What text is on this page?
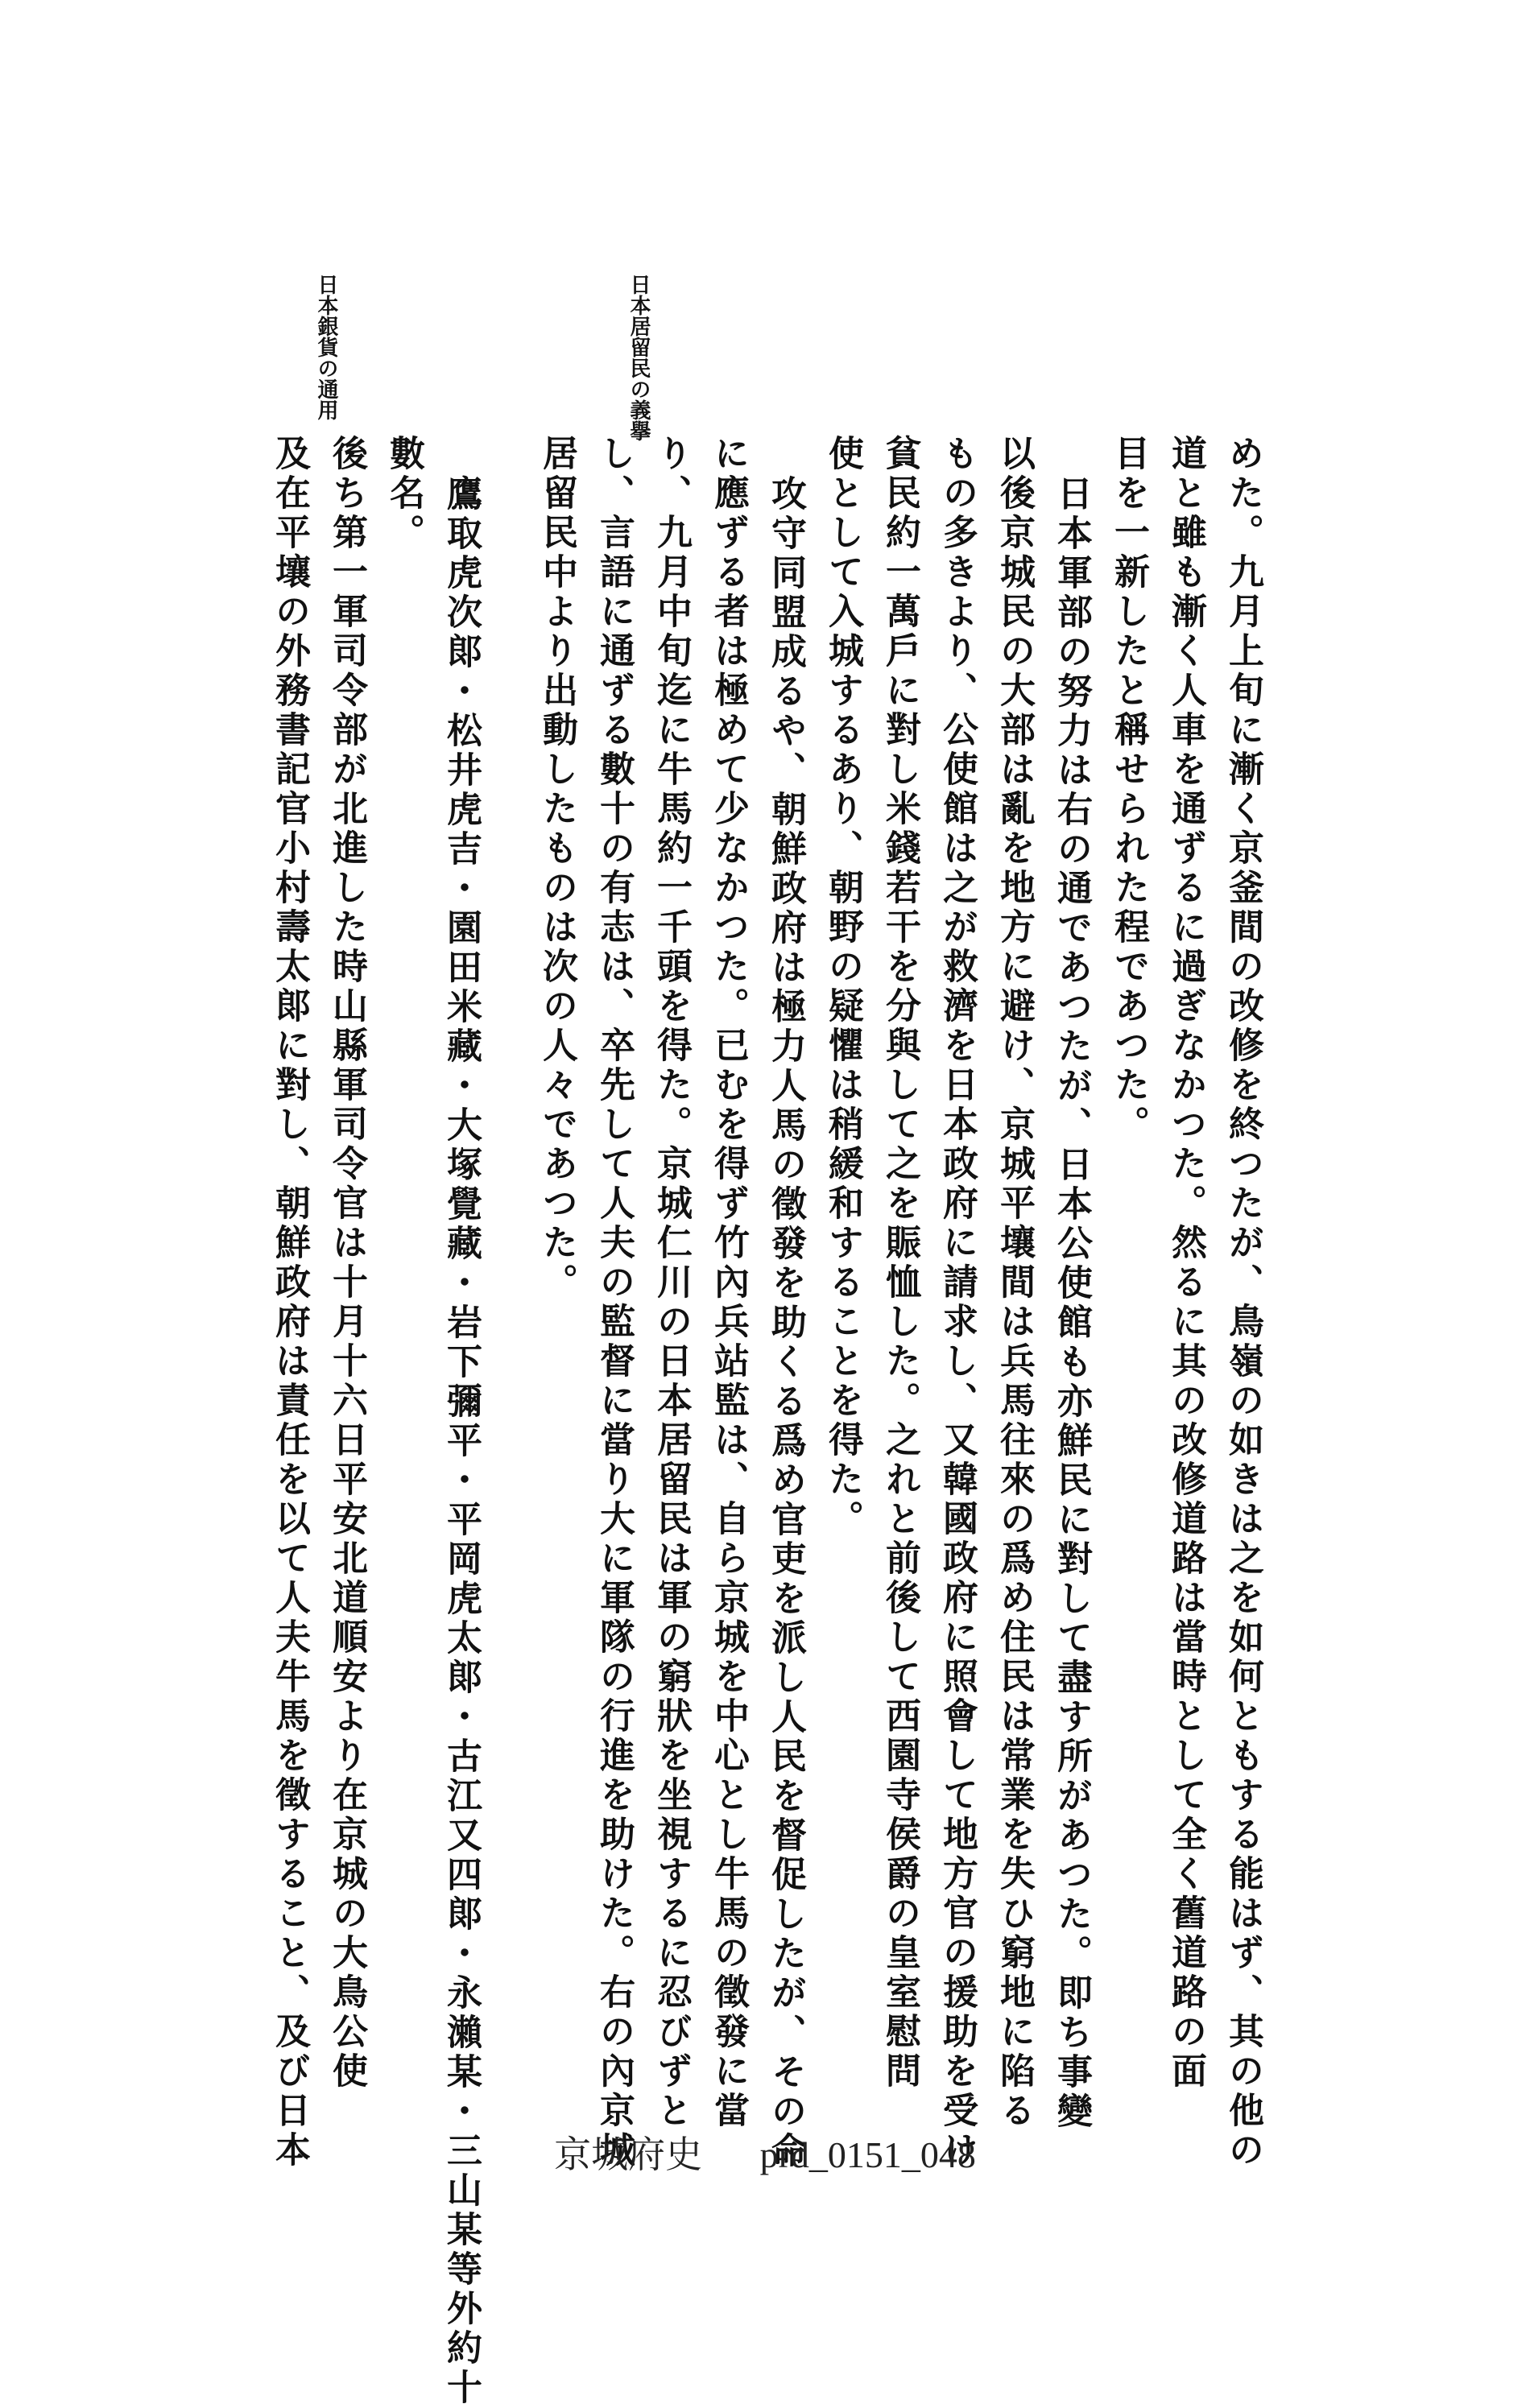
めた。九月上旬に漸く京釜間の改修を終つたが、鳥嶺の如きは之を如何ともする能はず、其の他の
道と雖も漸く人車を通ずるに過ぎなかつた。然るに其の改修道路は當時として全く舊道路の面
目を一新したと稱せられた程であつた。
日本軍部の努力は右の通であつたが、日本公使館も亦鮮民に對して盡す所があつた。即ち事變
以後京城民の大部は亂を地方に避け、京城平壤間は兵馬往來の爲め住民は常業を失ひ窮地に陷る
もの多きより、公使館は之が救濟を日本政府に請求し、又韓國政府に照會して地方官の援助を受け
貧民約一萬戶に對し米錢若干を分與して之を賑恤した。之れと前後して西園寺侯爵の皇室慰問
使として入城するあり、朝野の疑懼は稍緩和することを得た。
攻守同盟成るや、朝鮮政府は極力人馬の徵發を助くる爲め官吏を派し人民を督促したが、その命
に應ずる者は極めて少なかつた。已むを得ず竹內兵站監は、自ら京城を中心とし牛馬の徵發に當
り、九月中旬迄に牛馬約一千頭を得た。京城仁川の日本居留民は軍の窮狀を坐視するに忍びずと
し、言語に通ずる數十の有志は、卒先して人夫の監督に當り大に軍隊の行進を助けた。右の內京城
居留民中より出動したものは次の人々であつた。
鷹取虎次郞・松井虎吉・園田米藏・大塚覺藏・岩下彌平・平岡虎太郞・古江又四郞・永瀨某・三山某等外約十
數名。
後ち第一軍司令部が北進した時山縣軍司令官は十月十六日平安北道順安より在京城の大鳥公使
及在平壤の外務書記官小村壽太郞に對し、朝鮮政府は責任を以て人夫牛馬を徵すること、及び日本
日本居留民の義擧
日本銀貨の通用
京城府史 prd_0151_048
